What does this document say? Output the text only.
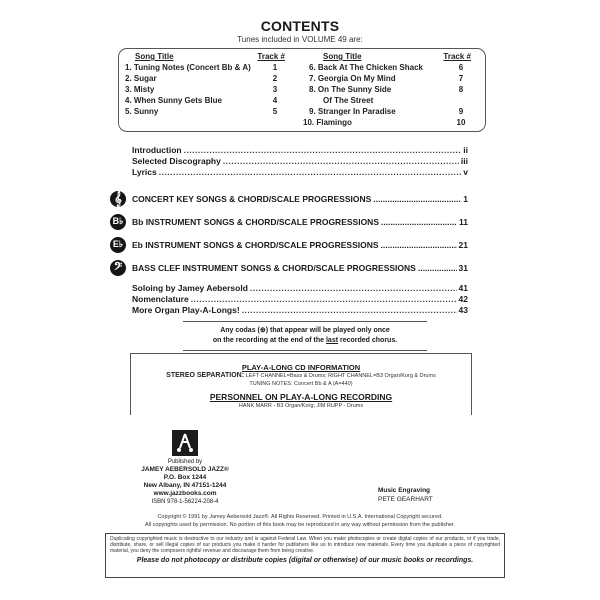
CONTENTS
Tunes included in VOLUME 49 are:
Song Title	Track #
1. Tuning Notes (Concert Bb & A)	1
2. Sugar	2
3. Misty	3
4. When Sunny Gets Blue	4
5. Sunny	5
Song Title	Track #
6. Back At The Chicken Shack	6
7. Georgia On My Mind	7
8. On The Sunny Side	8
Of The Street
9. Stranger In Paradise	9
10. Flamingo	10
Introduction .....	ii
Selected Discography .....	iii
Lyrics .....	v
𝄞	CONCERT KEY SONGS & CHORD/SCALE PROGRESSIONS .....	1
B♭	Bb INSTRUMENT SONGS & CHORD/SCALE PROGRESSIONS .....	11
E♭	Eb INSTRUMENT SONGS & CHORD/SCALE PROGRESSIONS .....	21
𝄢	BASS CLEF INSTRUMENT SONGS & CHORD/SCALE PROGRESSIONS .....	31
Soloing by Jamey Aebersold .....	41
Nomenclature .....	42
More Organ Play-A-Longs! .....	43
Any codas (⊕) that appear will be played only once
on the recording at the end of the last recorded chorus.
PLAY-A-LONG CD INFORMATION
STEREO SEPARATION: LEFT CHANNEL=Bass & Drums; RIGHT CHANNEL=B3 Organ/Korg & Drums
TUNING NOTES: Concert Bb & A (A=440)
PERSONNEL ON PLAY-A-LONG RECORDING
HANK MARR - B3 Organ/Korg; JIM RUPP - Drums
Published by
JAMEY AEBERSOLD JAZZ®
P.O. Box 1244
New Albany, IN 47151-1244
www.jazzbooks.com
ISBN 978-1-56224-208-4
Music Engraving
PETE GEARHART
Copyright © 1991 by Jamey Aebersold Jazz®. All Rights Reserved. Printed in U.S.A. International Copyright secured.
All copyrights used by permission. No portion of this book may be reproduced in any way without permission from the publisher.
Duplicating copyrighted music is destructive to our industry and is against Federal Law. When you make photocopies or create digital copies of our products, or if you trade, distribute, share, or sell illegal copies of our products you make it harder for publishers like us to introduce new materials. Every time you duplicate a piece of copyrighted material, you deny the composers rightful revenue and discourage them from being creative.
Please do not photocopy or distribute copies (digital or otherwise) of our music books or recordings.
